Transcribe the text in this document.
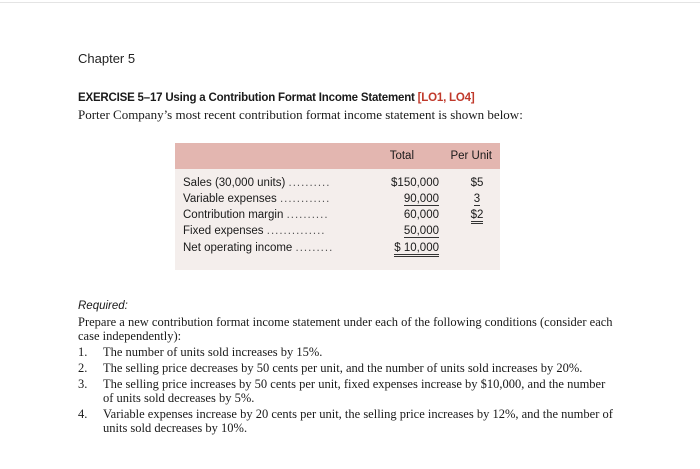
Chapter 5
EXERCISE 5–17 Using a Contribution Format Income Statement [LO1, LO4]
Porter Company’s most recent contribution format income statement is shown below:
Total	Per Unit
Sales (30,000 units) ..........	$150,000	$5
Variable expenses ............	90,000	3
Contribution margin ..........	60,000	$2
Fixed expenses ..............	50,000
Net operating income .........	$ 10,000
Required:
Prepare a new contribution format income statement under each of the following conditions (consider each case independently):
1. The number of units sold increases by 15%.
2. The selling price decreases by 50 cents per unit, and the number of units sold increases by 20%.
3. The selling price increases by 50 cents per unit, fixed expenses increase by $10,000, and the number of units sold decreases by 5%.
4. Variable expenses increase by 20 cents per unit, the selling price increases by 12%, and the number of units sold decreases by 10%.
